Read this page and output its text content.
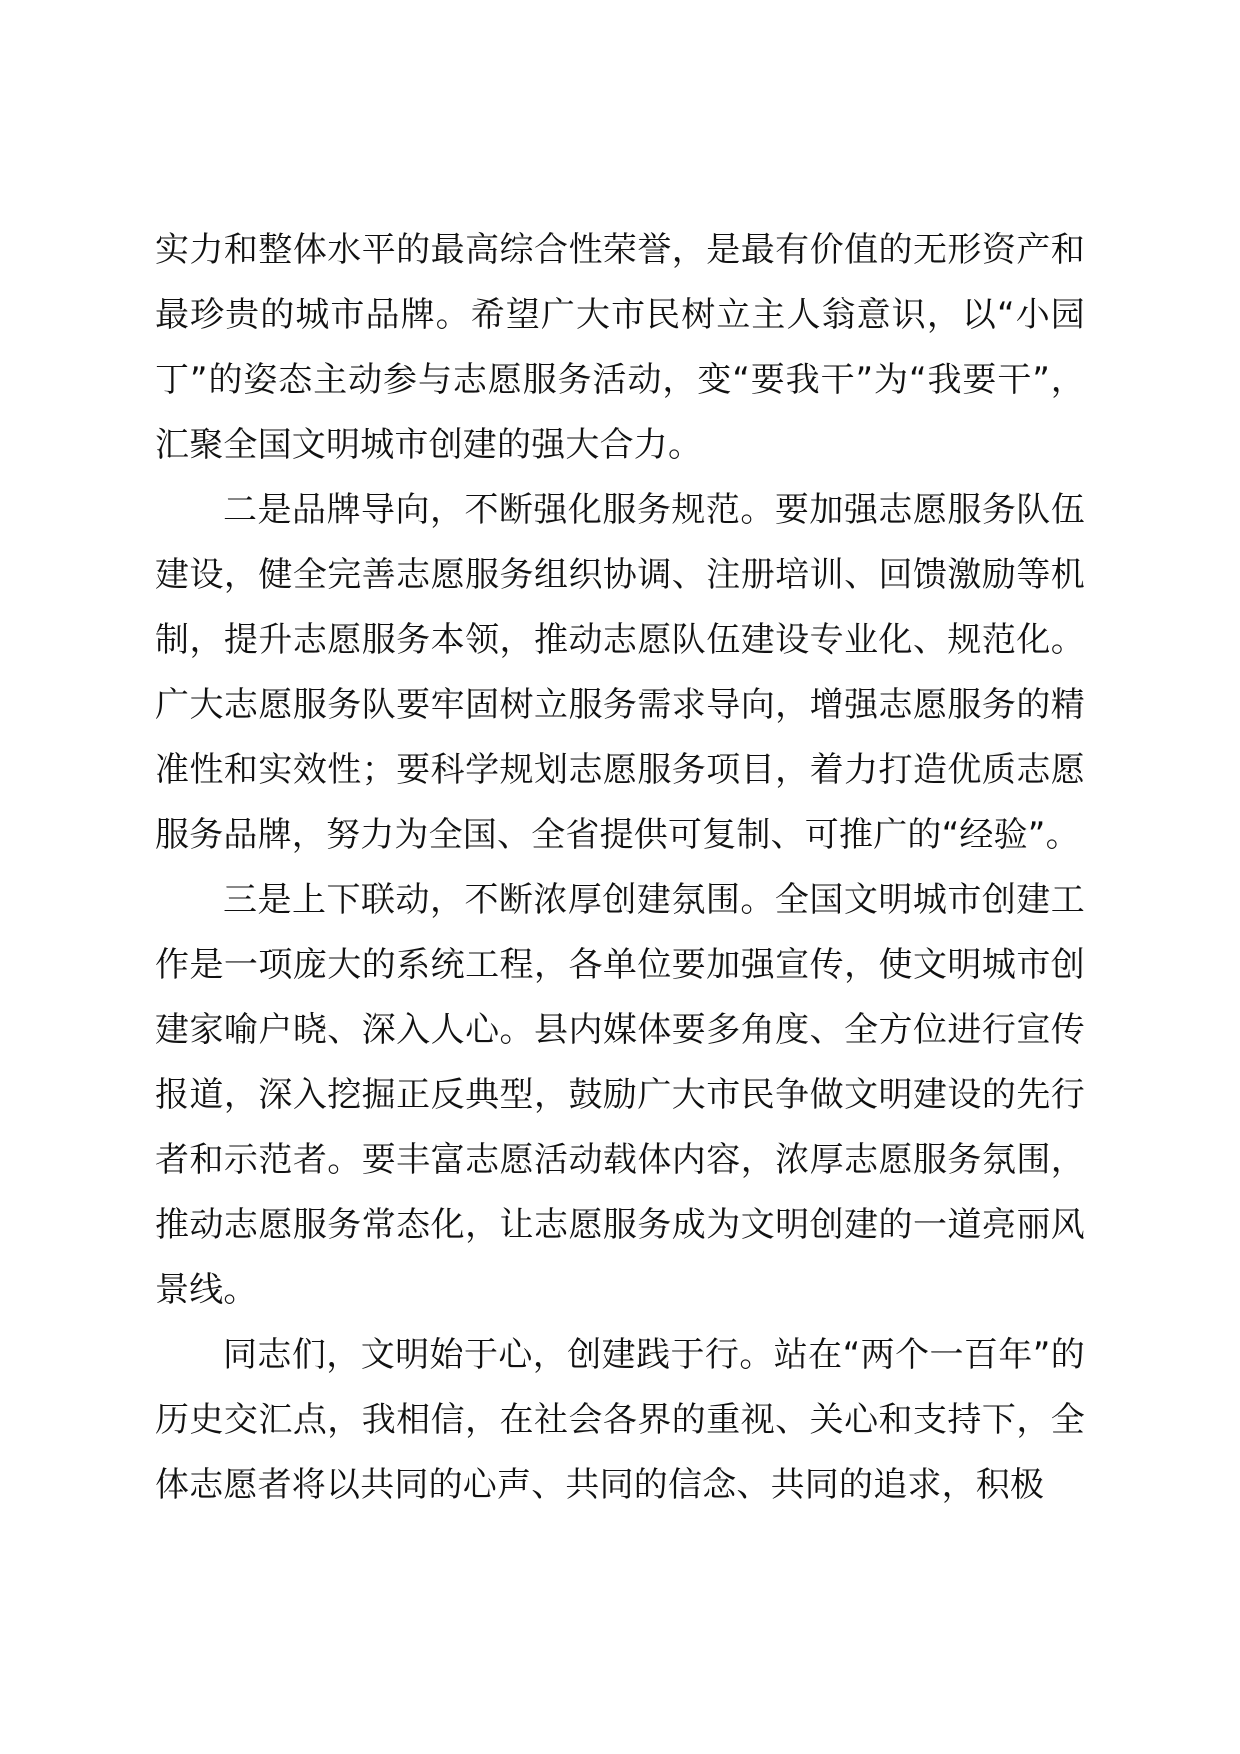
实力和整体水平的最高综合性荣誉，是最有价值的无形资产和最珍贵的城市品牌。希望广大市民树立主人翁意识，以“小园丁”的姿态主动参与志愿服务活动，变“要我干”为“我要干”，汇聚全国文明城市创建的强大合力。

二是品牌导向，不断强化服务规范。要加强志愿服务队伍建设，健全完善志愿服务组织协调、注册培训、回馈激励等机制，提升志愿服务本领，推动志愿队伍建设专业化、规范化。广大志愿服务队要牢固树立服务需求导向，增强志愿服务的精准性和实效性；要科学规划志愿服务项目，着力打造优质志愿服务品牌，努力为全国、全省提供可复制、可推广的“经验”。

三是上下联动，不断浓厚创建氛围。全国文明城市创建工作是一项庞大的系统工程，各单位要加强宣传，使文明城市创建家喻户晓、深入人心。县内媒体要多角度、全方位进行宣传报道，深入挖掘正反典型，鼓励广大市民争做文明建设的先行者和示范者。要丰富志愿活动载体内容，浓厚志愿服务氛围，推动志愿服务常态化，让志愿服务成为文明创建的一道亮丽风景线。

同志们，文明始于心，创建践于行。站在“两个一百年”的历史交汇点，我相信，在社会各界的重视、关心和支持下，全体志愿者将以共同的心声、共同的信念、共同的追求，积极
